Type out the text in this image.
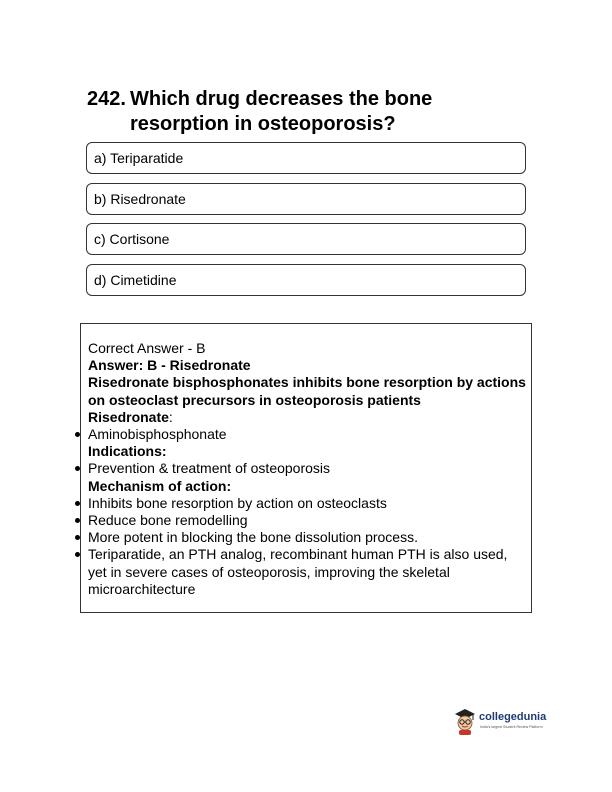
242. Which drug decreases the bone resorption in osteoporosis?
a) Teriparatide
b) Risedronate
c) Cortisone
d) Cimetidine
Correct Answer - B
Answer: B - Risedronate
Risedronate bisphosphonates inhibits bone resorption by actions on osteoclast precursors in osteoporosis patients
Risedronate:
Aminobisphosphonate
Indications:
Prevention & treatment of osteoporosis
Mechanism of action:
Inhibits bone resorption by action on osteoclasts
Reduce bone remodelling
More potent in blocking the bone dissolution process.
Teriparatide, an PTH analog, recombinant human PTH is also used, yet in severe cases of osteoporosis, improving the skeletal microarchitecture
collegedunia
India's largest Student Review Platform
